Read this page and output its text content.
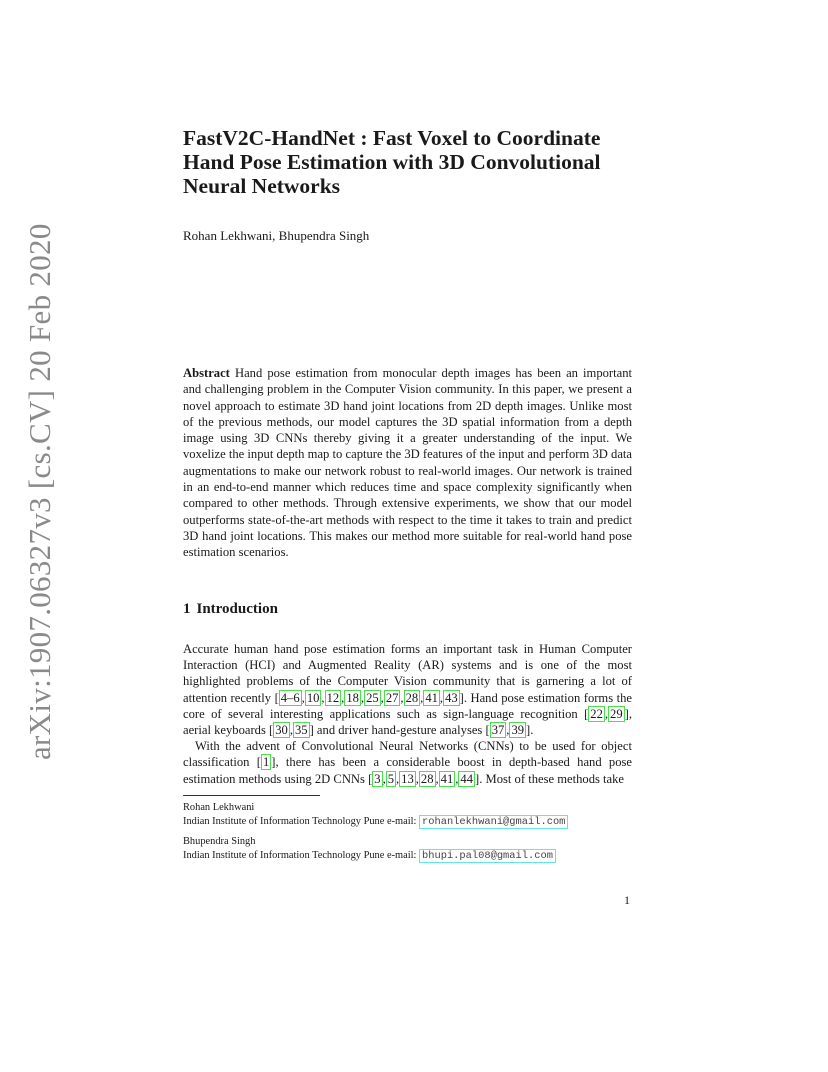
arXiv:1907.06327v3 [cs.CV] 20 Feb 2020
FastV2C-HandNet : Fast Voxel to Coordinate Hand Pose Estimation with 3D Convolutional Neural Networks
Rohan Lekhwani, Bhupendra Singh

Abstract Hand pose estimation from monocular depth images has been an important and challenging problem in the Computer Vision community. In this paper, we present a novel approach to estimate 3D hand joint locations from 2D depth images. Unlike most of the previous methods, our model captures the 3D spatial information from a depth image using 3D CNNs thereby giving it a greater understanding of the input. We voxelize the input depth map to capture the 3D features of the input and perform 3D data augmentations to make our network robust to real-world images. Our network is trained in an end-to-end manner which reduces time and space complexity significantly when compared to other methods. Through extensive experiments, we show that our model outperforms state-of-the-art methods with respect to the time it takes to train and predict 3D hand joint locations. This makes our method more suitable for real-world hand pose estimation scenarios.

1 Introduction

Accurate human hand pose estimation forms an important task in Human Computer Interaction (HCI) and Augmented Reality (AR) systems and is one of the most highlighted problems of the Computer Vision community that is garnering a lot of attention recently [ 4–6 , 10 , 12 , 18 , 25 , 27 , 28 , 41 , 43 ]. Hand pose estimation forms the core of several interesting applications such as sign-language recognition [ 22 , 29 ], aerial keyboards [ 30 , 35 ] and driver hand-gesture analyses [ 37 , 39 ].

With the advent of Convolutional Neural Networks (CNNs) to be used for object classification [ 1 ], there has been a considerable boost in depth-based hand pose estimation methods using 2D CNNs [ 3 , 5 , 13 , 28 , 41 , 44 ]. Most of these methods take

Rohan Lekhwani
Indian Institute of Information Technology Pune e-mail: rohanlekhwani@gmail.com
Bhupendra Singh
Indian Institute of Information Technology Pune e-mail: bhupi.pal08@gmail.com
1
